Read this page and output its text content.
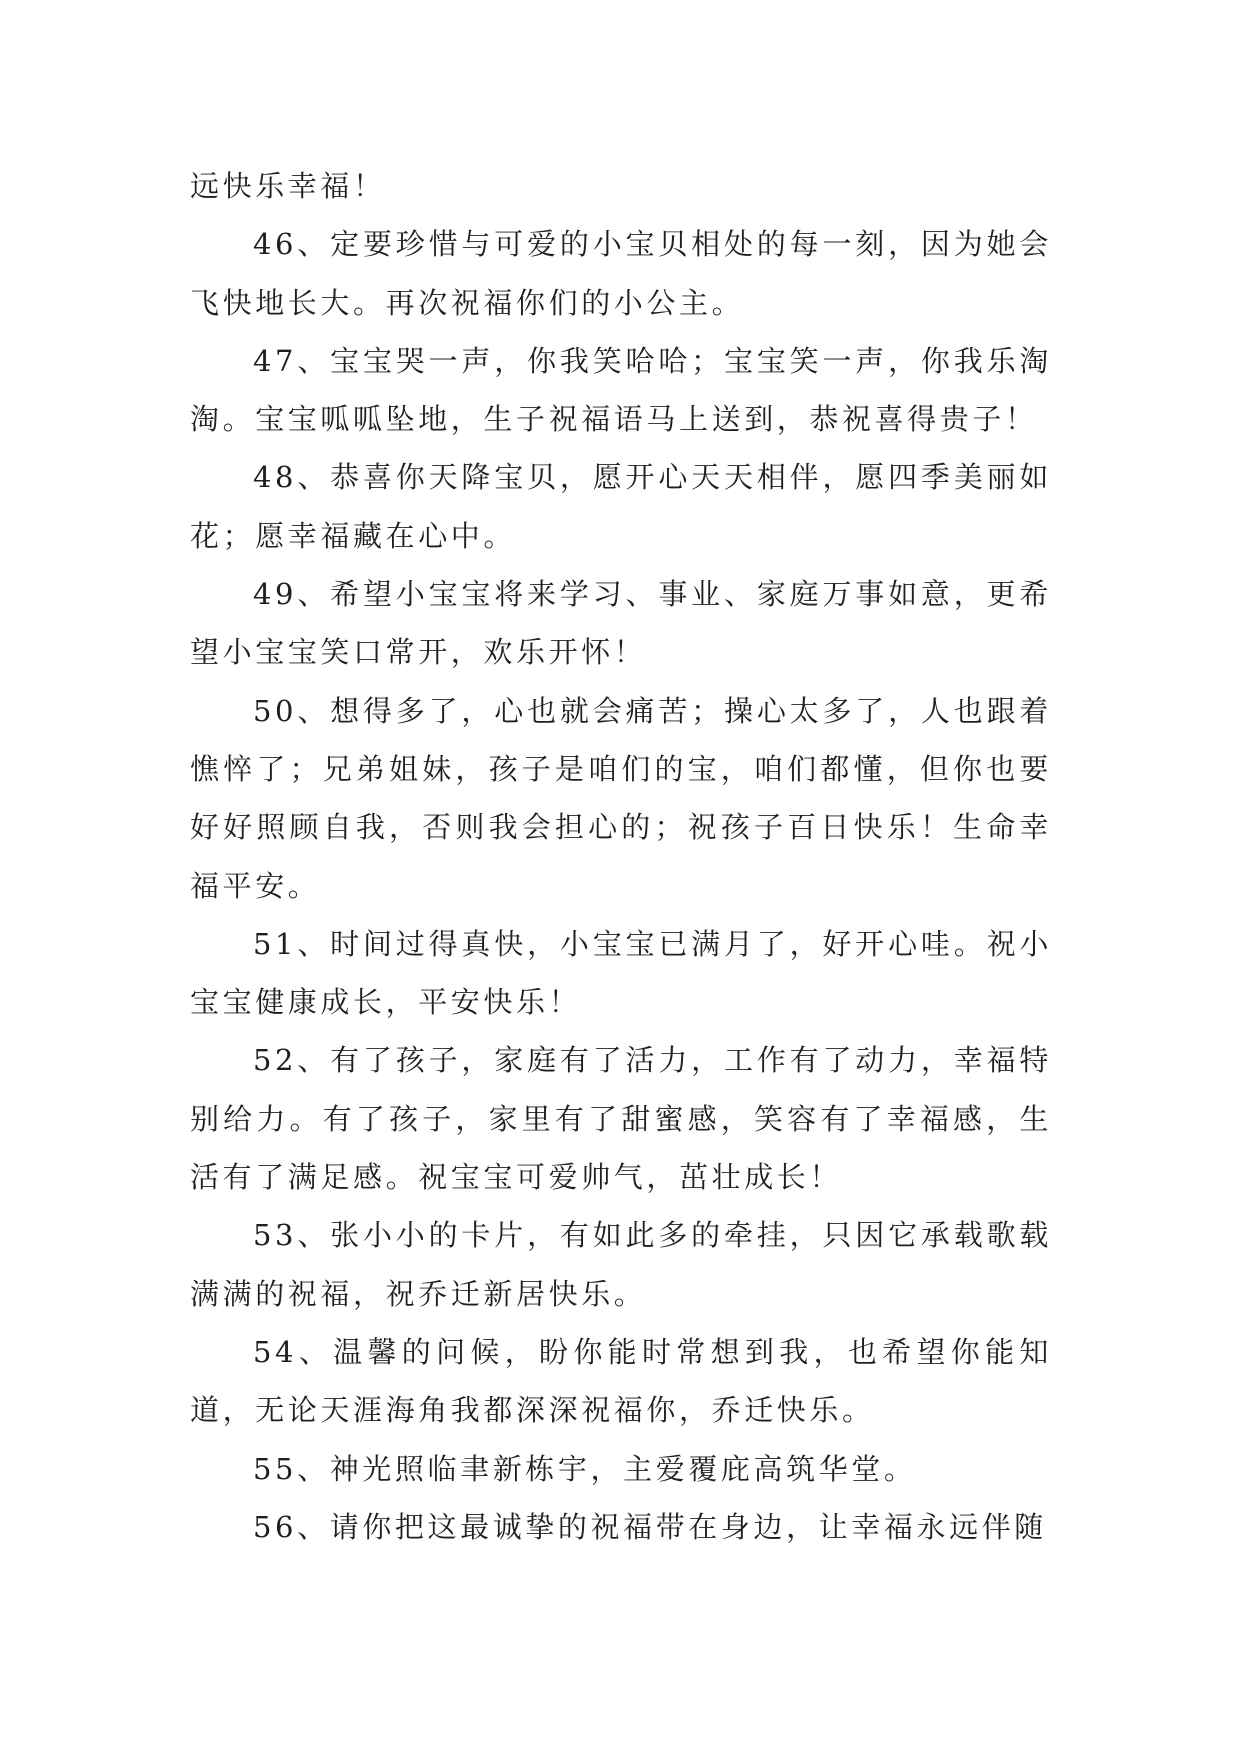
远快乐幸福！

46、定要珍惜与可爱的小宝贝相处的每一刻，因为她会飞快地长大。再次祝福你们的小公主。

47、宝宝哭一声，你我笑哈哈；宝宝笑一声，你我乐淘淘。宝宝呱呱坠地，生子祝福语马上送到，恭祝喜得贵子！

48、恭喜你天降宝贝，愿开心天天相伴，愿四季美丽如花；愿幸福藏在心中。

49、希望小宝宝将来学习、事业、家庭万事如意，更希望小宝宝笑口常开，欢乐开怀！

50、想得多了，心也就会痛苦；操心太多了，人也跟着憔悴了；兄弟姐妹，孩子是咱们的宝，咱们都懂，但你也要好好照顾自我，否则我会担心的；祝孩子百日快乐！生命幸福平安。

51、时间过得真快，小宝宝已满月了，好开心哇。祝小宝宝健康成长，平安快乐！

52、有了孩子，家庭有了活力，工作有了动力，幸福特别给力。有了孩子，家里有了甜蜜感，笑容有了幸福感，生活有了满足感。祝宝宝可爱帅气，茁壮成长！

53、张小小的卡片，有如此多的牵挂，只因它承载歌载满满的祝福，祝乔迁新居快乐。

54、温馨的问候，盼你能时常想到我，也希望你能知道，无论天涯海角我都深深祝福你，乔迁快乐。

55、神光照临聿新栋宇，主爱覆庇高筑华堂。

56、请你把这最诚挚的祝福带在身边，让幸福永远伴随
